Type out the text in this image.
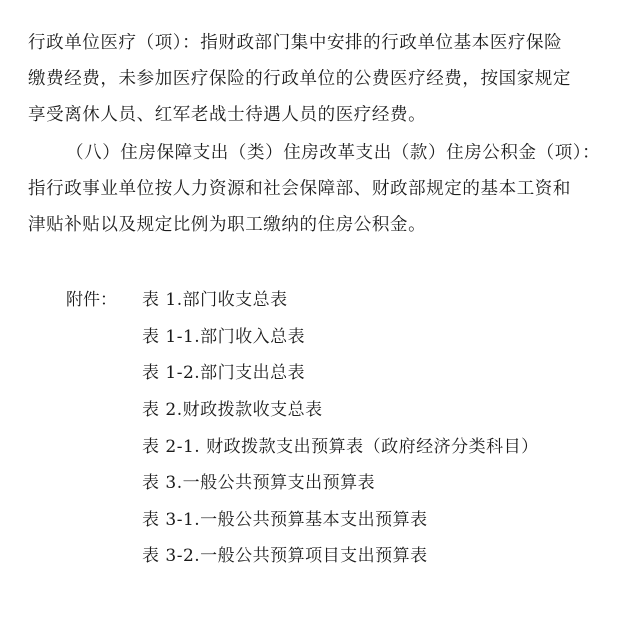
行政单位医疗（项）：指财政部门集中安排的行政单位基本医疗保险
缴费经费，未参加医疗保险的行政单位的公费医疗经费，按国家规定
享受离休人员、红军老战士待遇人员的医疗经费。
（八）住房保障支出（类）住房改革支出（款）住房公积金（项）：
指行政事业单位按人力资源和社会保障部、财政部规定的基本工资和
津贴补贴以及规定比例为职工缴纳的住房公积金。
附件： 表 1.部门收支总表
表 1-1.部门收入总表
表 1-2.部门支出总表
表 2.财政拨款收支总表
表 2-1. 财政拨款支出预算表（政府经济分类科目）
表 3.一般公共预算支出预算表
表 3-1.一般公共预算基本支出预算表
表 3-2.一般公共预算项目支出预算表
